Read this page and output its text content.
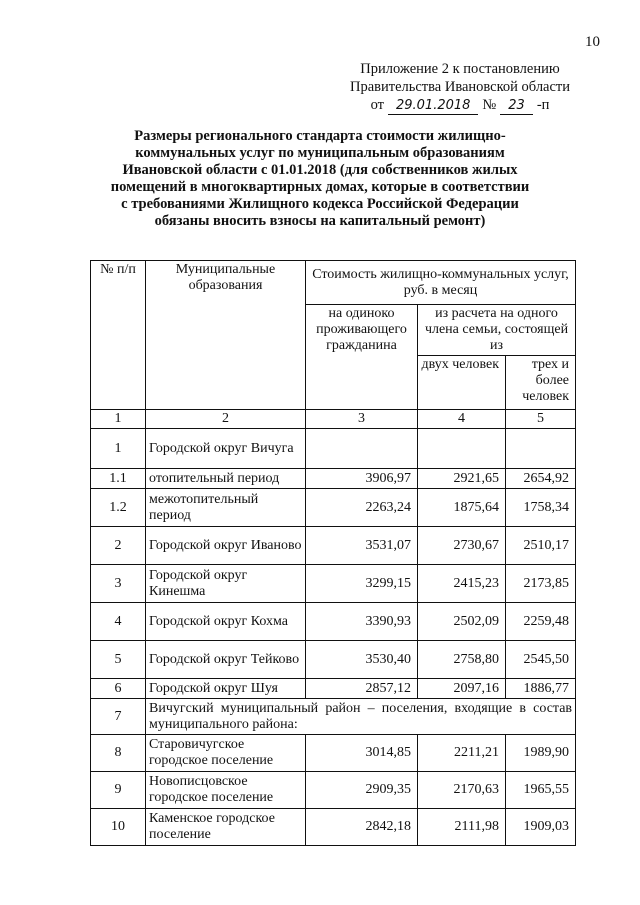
10
Приложение 2 к постановлению
Правительства Ивановской области
от 29.01.2018 № 23 -п
Размеры регионального стандарта стоимости жилищно-коммунальных услуг по муниципальным образованиям Ивановской области с 01.01.2018 (для собственников жилых помещений в многоквартирных домах, которые в соответствии с требованиями Жилищного кодекса Российской Федерации обязаны вносить взносы на капитальный ремонт)
№ п/п	Муниципальные образования	Стоимость жилищно-коммунальных услуг, руб. в месяц		
		на одиноко проживающего гражданина	из расчета на одного члена семьи, состоящей из	
			двух человек	трех и более человек
1	2	3	4	5
1	Городской округ Вичуга			
1.1	отопительный период	3906,97	2921,65	2654,92
1.2	межотопительный период	2263,24	1875,64	1758,34
2	Городской округ Иваново	3531,07	2730,67	2510,17
3	Городской округ Кинешма	3299,15	2415,23	2173,85
4	Городской округ Кохма	3390,93	2502,09	2259,48
5	Городской округ Тейково	3530,40	2758,80	2545,50
6	Городской округ Шуя	2857,12	2097,16	1886,77
7	Вичугский муниципальный район – поселения, входящие в состав муниципального района:			
8	Старовичугское городское поселение	3014,85	2211,21	1989,90
9	Новописцовское городское поселение	2909,35	2170,63	1965,55
10	Каменское городское поселение	2842,18	2111,98	1909,03
